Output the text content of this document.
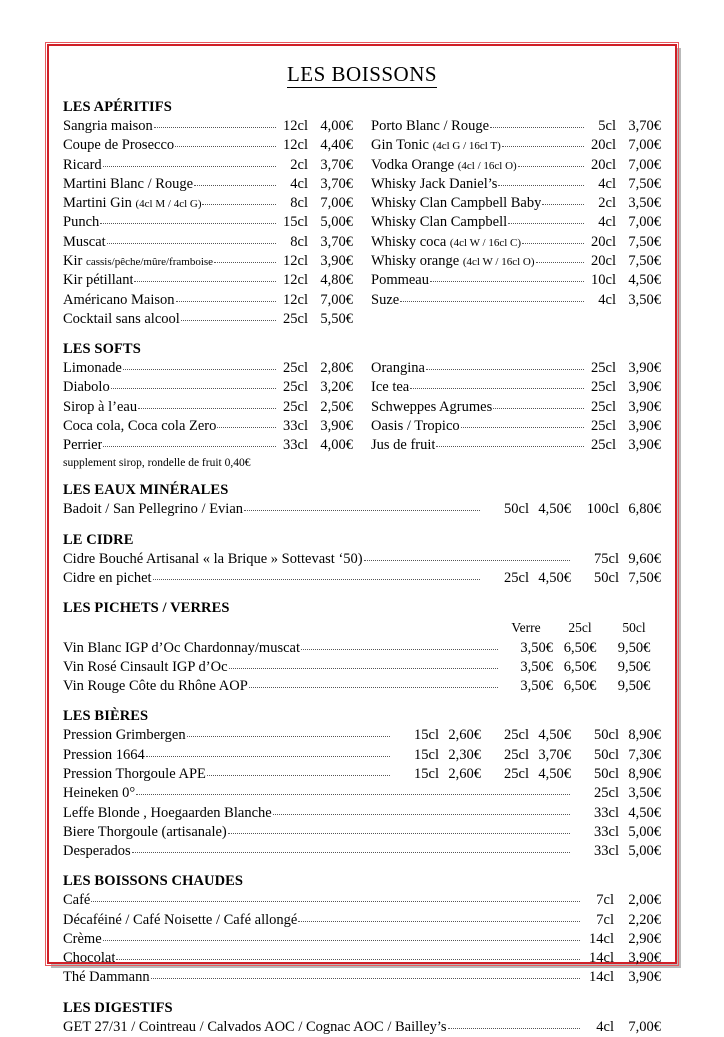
LES BOISSONS
LES APÉRITIFS
Sangria maison	12cl 4,00€
Coupe de Prosecco	12cl 4,40€
Ricard	2cl 3,70€
Martini Blanc / Rouge	4cl 3,70€
Martini Gin (4cl M / 4cl G)	8cl 7,00€
Punch	15cl 5,00€
Muscat	8cl 3,70€
Kir cassis/pêche/mûre/framboise	12cl 3,90€
Kir pétillant	12cl 4,80€
Américano Maison	12cl 7,00€
Cocktail sans alcool	25cl 5,50€
Porto Blanc / Rouge	5cl 3,70€
Gin Tonic (4cl G / 16cl T)	20cl 7,00€
Vodka Orange (4cl / 16cl O)	20cl 7,00€
Whisky Jack Daniel’s	4cl 7,50€
Whisky Clan Campbell Baby	2cl 3,50€
Whisky Clan Campbell	4cl 7,00€
Whisky coca (4cl W / 16cl C)	20cl 7,50€
Whisky orange (4cl W / 16cl O)	20cl 7,50€
Pommeau	10cl 4,50€
Suze	4cl 3,50€
LES SOFTS
Limonade	25cl 2,80€
Diabolo	25cl 3,20€
Sirop à l’eau	25cl 2,50€
Coca cola, Coca cola Zero	33cl 3,90€
Perrier	33cl 4,00€
supplement sirop, rondelle de fruit 0,40€
Orangina	25cl 3,90€
Ice tea	25cl 3,90€
Schweppes Agrumes	25cl 3,90€
Oasis / Tropico	25cl 3,90€
Jus de fruit	25cl 3,90€
LES EAUX MINÉRALES
Badoit / San Pellegrino / Evian	50cl 4,50€ 100cl 6,80€
LE CIDRE
Cidre Bouché Artisanal « la Brique » Sottevast ‘50)	75cl 9,60€
Cidre en pichet	25cl 4,50€	50cl 7,50€
LES PICHETS / VERRES
Verre	25cl	50cl
Vin Blanc IGP d’Oc Chardonnay/muscat	3,50€ 6,50€	9,50€
Vin Rosé Cinsault IGP d’Oc	3,50€ 6,50€	9,50€
Vin Rouge Côte du Rhône AOP	3,50€ 6,50€	9,50€
LES BIÈRES
Pression Grimbergen	15cl 2,60€	25cl 4,50€	50cl 8,90€
Pression 1664	15cl 2,30€	25cl 3,70€	50cl 7,30€
Pression Thorgoule APE	15cl 2,60€	25cl 4,50€	50cl 8,90€
Heineken 0°	25cl 3,50€
Leffe Blonde , Hoegaarden Blanche	33cl 4,50€
Biere Thorgoule (artisanale)	33cl 5,00€
Desperados	33cl 5,00€
LES BOISSONS CHAUDES
Café	7cl 2,00€
Décaféiné / Café Noisette / Café allongé	7cl 2,20€
Crème	14cl 2,90€
Chocolat	14cl 3,90€
Thé Dammann	14cl 3,90€
LES DIGESTIFS
GET 27/31 / Cointreau / Calvados AOC / Cognac AOC / Bailley’s	4cl 7,00€
